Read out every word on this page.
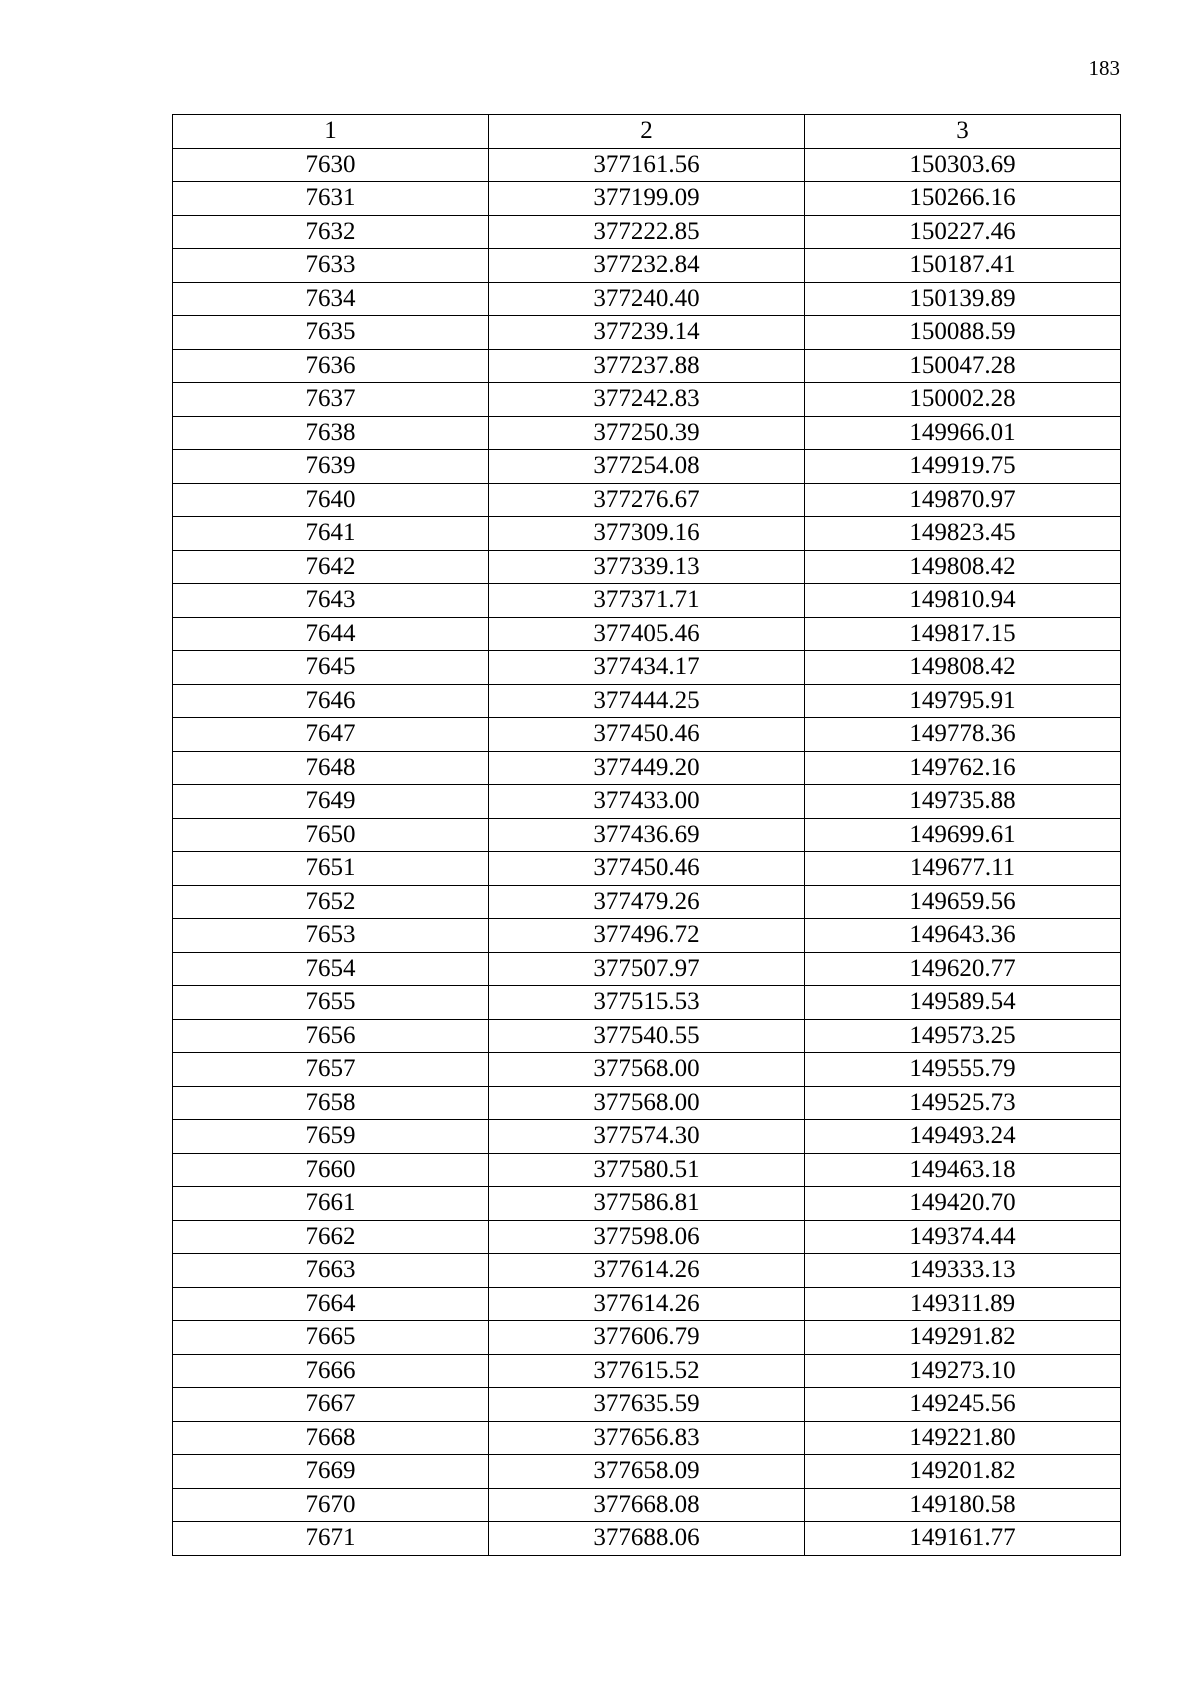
183
1	2	3
7630	377161.56	150303.69
7631	377199.09	150266.16
7632	377222.85	150227.46
7633	377232.84	150187.41
7634	377240.40	150139.89
7635	377239.14	150088.59
7636	377237.88	150047.28
7637	377242.83	150002.28
7638	377250.39	149966.01
7639	377254.08	149919.75
7640	377276.67	149870.97
7641	377309.16	149823.45
7642	377339.13	149808.42
7643	377371.71	149810.94
7644	377405.46	149817.15
7645	377434.17	149808.42
7646	377444.25	149795.91
7647	377450.46	149778.36
7648	377449.20	149762.16
7649	377433.00	149735.88
7650	377436.69	149699.61
7651	377450.46	149677.11
7652	377479.26	149659.56
7653	377496.72	149643.36
7654	377507.97	149620.77
7655	377515.53	149589.54
7656	377540.55	149573.25
7657	377568.00	149555.79
7658	377568.00	149525.73
7659	377574.30	149493.24
7660	377580.51	149463.18
7661	377586.81	149420.70
7662	377598.06	149374.44
7663	377614.26	149333.13
7664	377614.26	149311.89
7665	377606.79	149291.82
7666	377615.52	149273.10
7667	377635.59	149245.56
7668	377656.83	149221.80
7669	377658.09	149201.82
7670	377668.08	149180.58
7671	377688.06	149161.77
